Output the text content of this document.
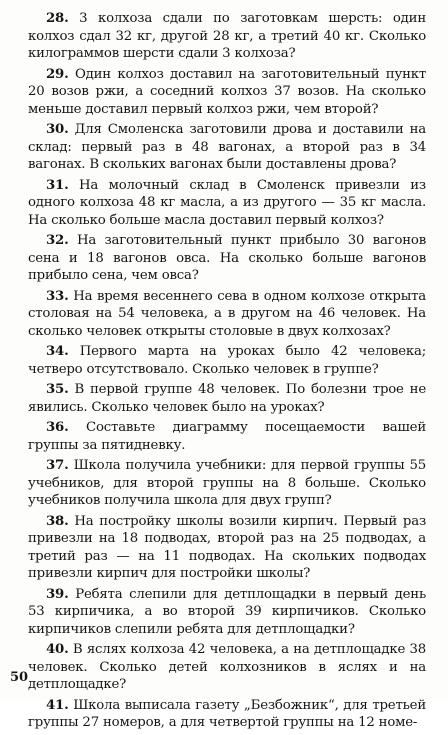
28. 3 колхоза сдали по заготовкам шерсть: один колхоз сдал 32 кг, другой 28 кг, а третий 40 кг. Сколько килограммов шерсти сдали 3 колхоза?

29. Один колхоз доставил на заготовительный пункт 20 возов ржи, а соседний колхоз 37 возов. На сколько меньше доставил первый колхоз ржи, чем второй?

30. Для Смоленска заготовили дрова и доставили на склад: первый раз в 48 вагонах, а второй раз в 34 вагонах. В скольких вагонах были доставлены дрова?

31. На молочный склад в Смоленск привезли из одного колхоза 48 кг масла, а из другого — 35 кг масла. На сколько больше масла доставил первый колхоз?

32. На заготовительный пункт прибыло 30 вагонов сена и 18 вагонов овса. На сколько больше вагонов прибыло сена, чем овса?

33. На время весеннего сева в одном колхозе открыта столовая на 54 человека, а в другом на 46 человек. На сколько человек открыты столовые в двух колхозах?

34. Первого марта на уроках было 42 человека; четверо отсутствовало. Сколько человек в группе?

35. В первой группе 48 человек. По болезни трое не явились. Сколько человек было на уроках?

36. Составьте диаграмму посещаемости вашей группы за пятидневку.

37. Школа получила учебники: для первой группы 55 учебников, для второй группы на 8 больше. Сколько учебников получила школа для двух групп?

38. На постройку школы возили кирпич. Первый раз привезли на 18 подводах, второй раз на 25 подводах, а третий раз — на 11 подводах. На скольких подводах привезли кирпич для постройки школы?

39. Ребята слепили для детплощадки в первый день 53 кирпичика, а во второй 39 кирпичиков. Сколько кирпичиков слепили ребята для детплощадки?

40. В яслях колхоза 42 человека, а на детплощадке 38 человек. Сколько детей колхозников в яслях и на детплощадке?

41. Школа выписала газету „Безбожник“, для третьей группы 27 номеров, а для четвертой группы на 12 номе-

50
